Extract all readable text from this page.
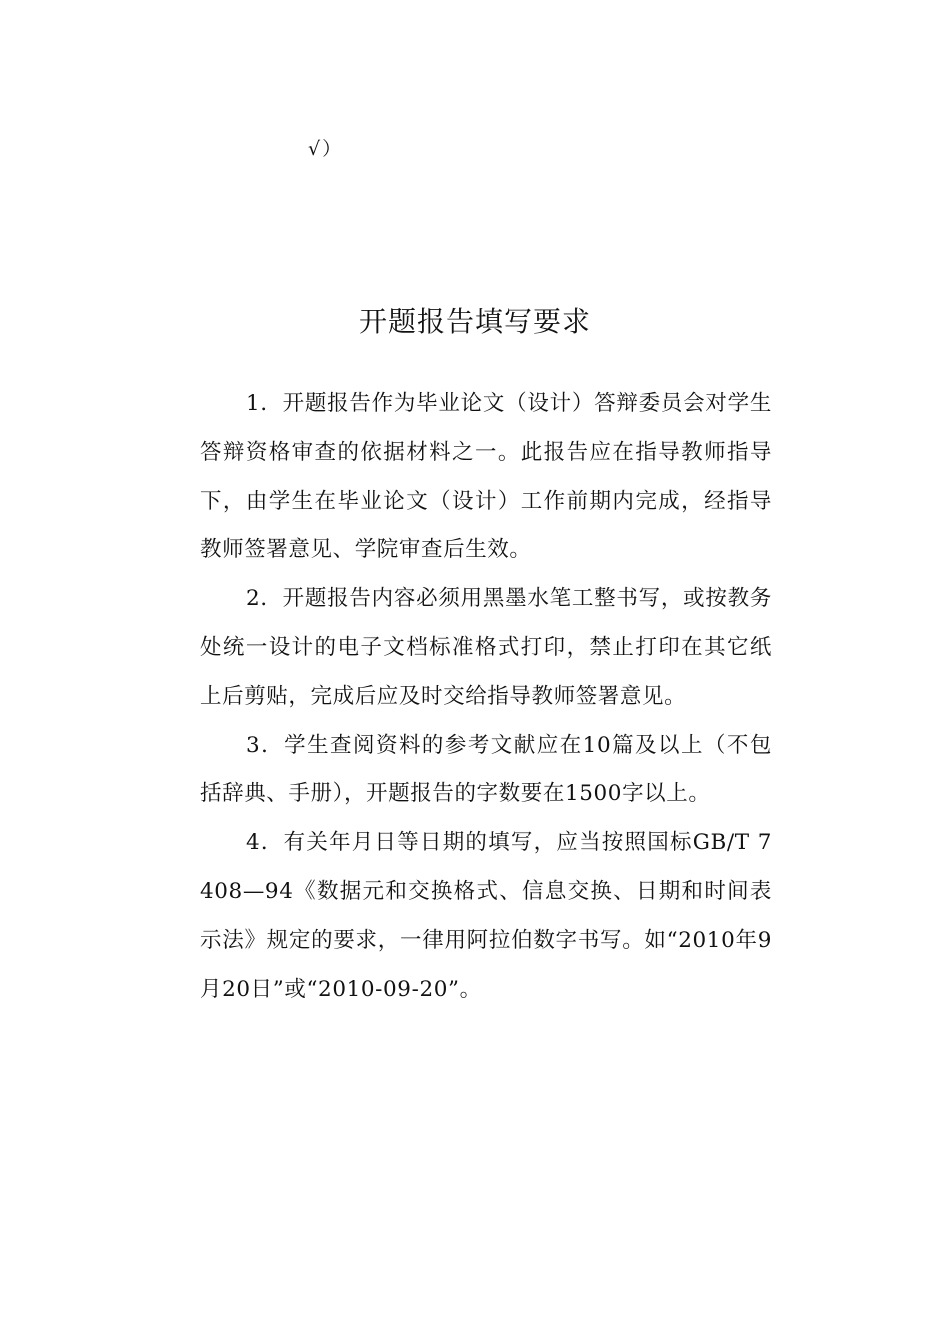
√）
开题报告填写要求

1．开题报告作为毕业论文（设计）答辩委员会对学生答辩资格审查的依据材料之一。此报告应在指导教师指导下，由学生在毕业论文（设计）工作前期内完成，经指导教师签署意见、学院审查后生效。

2．开题报告内容必须用黑墨水笔工整书写，或按教务处统一设计的电子文档标准格式打印，禁止打印在其它纸上后剪贴，完成后应及时交给指导教师签署意见。

3．学生查阅资料的参考文献应在10篇及以上（不包括辞典、手册），开题报告的字数要在1500字以上。

4．有关年月日等日期的填写，应当按照国标GB/T 7408—94《数据元和交换格式、信息交换、日期和时间表示法》规定的要求，一律用阿拉伯数字书写。如“2010年9月20日”或“2010-09-20”。
